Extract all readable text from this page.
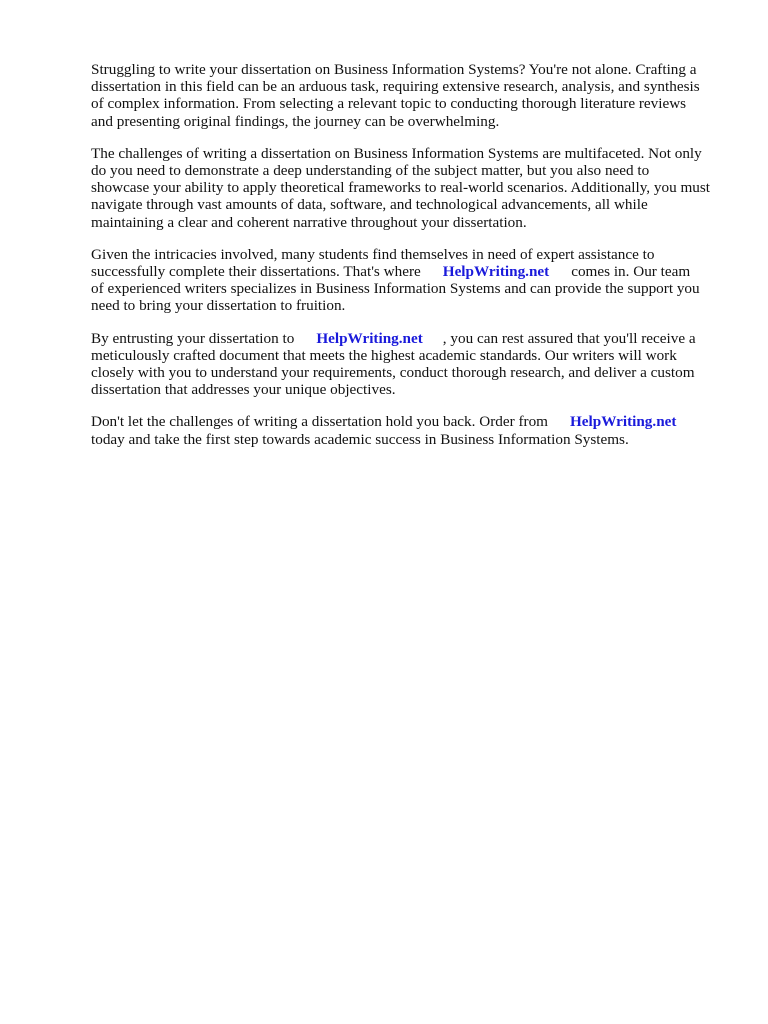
Struggling to write your dissertation on Business Information Systems? You're not alone. Crafting a
dissertation in this field can be an arduous task, requiring extensive research, analysis, and synthesis
of complex information. From selecting a relevant topic to conducting thorough literature reviews
and presenting original findings, the journey can be overwhelming.

The challenges of writing a dissertation on Business Information Systems are multifaceted. Not only
do you need to demonstrate a deep understanding of the subject matter, but you also need to
showcase your ability to apply theoretical frameworks to real-world scenarios. Additionally, you must
navigate through vast amounts of data, software, and technological advancements, all while
maintaining a clear and coherent narrative throughout your dissertation.

Given the intricacies involved, many students find themselves in need of expert assistance to
successfully complete their dissertations. That's where HelpWriting.net comes in. Our team
of experienced writers specializes in Business Information Systems and can provide the support you
need to bring your dissertation to fruition.

By entrusting your dissertation to HelpWriting.net , you can rest assured that you'll receive a
meticulously crafted document that meets the highest academic standards. Our writers will work
closely with you to understand your requirements, conduct thorough research, and deliver a custom
dissertation that addresses your unique objectives.

Don't let the challenges of writing a dissertation hold you back. Order from HelpWriting.net
today and take the first step towards academic success in Business Information Systems.
